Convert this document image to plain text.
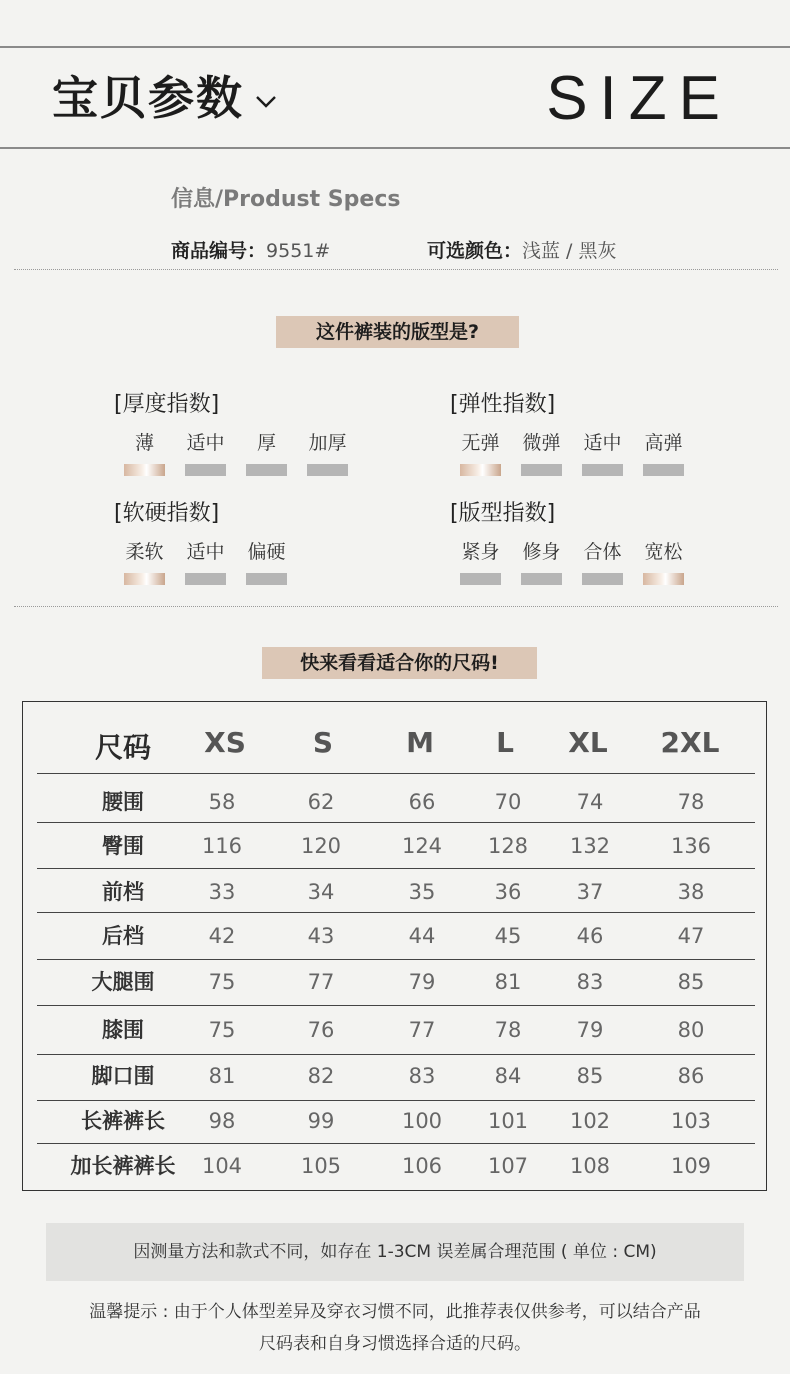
宝贝参数	SIZE
信息/Produst Specs
商品编号：9551#	可选颜色：浅蓝 / 黑灰
这件裤装的版型是?
[厚度指数]
薄	适中	厚	加厚
[弹性指数]
无弹	微弹	适中	高弹
[软硬指数]
柔软	适中	偏硬
[版型指数]
紧身	修身	合体	宽松
快来看看适合你的尺码!
尺码 XS S	M L XL 2XL
腰围	58	62	66	70	74	78
臀围	116	120	124 128 132	136
前档	33	34	35	36	37	38
后档	42	43	44	45	46	47
大腿围	75	77	79	81	83	85
膝围	75	76	77	78	79	80
脚口围	81	82	83	84	85	86
长裤裤长 98	99	100 101 102	103
加长裤裤长 104	105	106 107 108	109
因测量方法和款式不同，如存在 1-3CM 误差属合理范围 ( 单位 : CM)
温馨提示 : 由于个人体型差异及穿衣习惯不同，此推荐表仅供参考，可以结合产品
尺码表和自身习惯选择合适的尺码。
